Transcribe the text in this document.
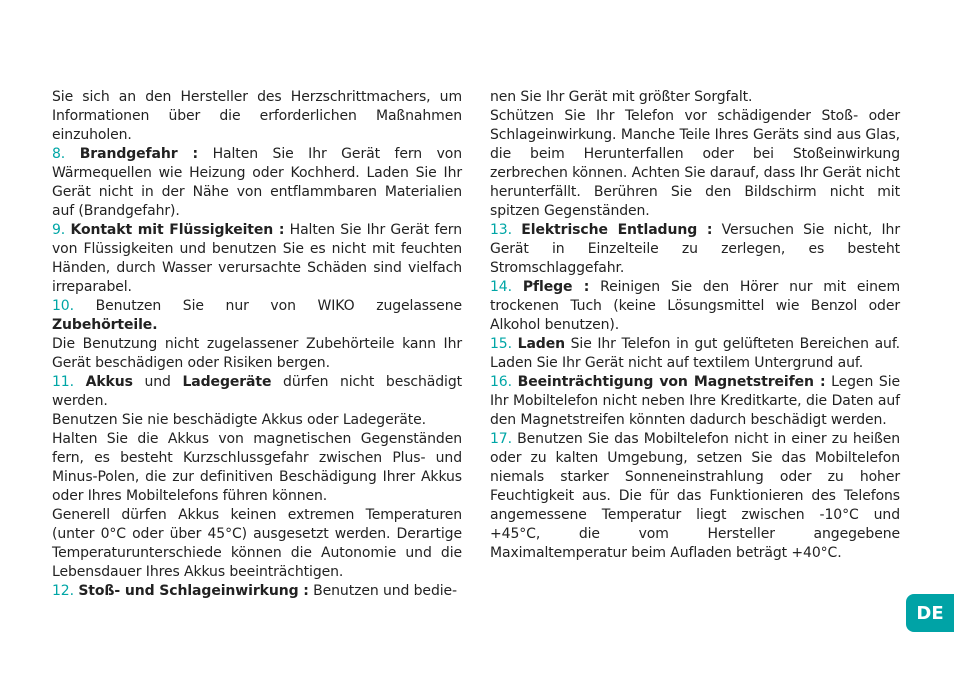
Sie sich an den Hersteller des Herzschrittmachers, um Informationen über die erforderlichen Maßnahmen einzuholen.

8. Brandgefahr : Halten Sie Ihr Gerät fern von Wärmequellen wie Heizung oder Kochherd. Laden Sie Ihr Gerät nicht in der Nähe von entflammbaren Materialien auf (Brandgefahr).

9. Kontakt mit Flüssigkeiten : Halten Sie Ihr Gerät fern von Flüssigkeiten und benutzen Sie es nicht mit feuchten Händen, durch Wasser verursachte Schäden sind vielfach irreparabel.

10. Benutzen Sie nur von WIKO zugelassene Zubehörteile.

Die Benutzung nicht zugelassener Zubehörteile kann Ihr Gerät beschädigen oder Risiken bergen.

11. Akkus und Ladegeräte dürfen nicht beschädigt werden.

Benutzen Sie nie beschädigte Akkus oder Ladegeräte.

Halten Sie die Akkus von magnetischen Gegenständen fern, es besteht Kurzschlussgefahr zwischen Plus- und Minus-Polen, die zur definitiven Beschädigung Ihrer Akkus oder Ihres Mobiltelefons führen können.

Generell dürfen Akkus keinen extremen Temperaturen (unter 0°C oder über 45°C) ausgesetzt werden. Derartige Temperaturunterschiede können die Autonomie und die Lebensdauer Ihres Akkus beeinträchtigen.

12. Stoß- und Schlageinwirkung : Benutzen und bedie-

nen Sie Ihr Gerät mit größter Sorgfalt.

Schützen Sie Ihr Telefon vor schädigender Stoß- oder Schlageinwirkung. Manche Teile Ihres Geräts sind aus Glas, die beim Herunterfallen oder bei Stoßeinwirkung zerbrechen können. Achten Sie darauf, dass Ihr Gerät nicht herunterfällt. Berühren Sie den Bildschirm nicht mit spitzen Gegenständen.

13. Elektrische Entladung : Versuchen Sie nicht, Ihr Gerät in Einzelteile zu zerlegen, es besteht Stromschlaggefahr.

14. Pflege : Reinigen Sie den Hörer nur mit einem trockenen Tuch (keine Lösungsmittel wie Benzol oder Alkohol benutzen).

15. Laden Sie Ihr Telefon in gut gelüfteten Bereichen auf. Laden Sie Ihr Gerät nicht auf textilem Untergrund auf.

16. Beeinträchtigung von Magnetstreifen : Legen Sie Ihr Mobiltelefon nicht neben Ihre Kreditkarte, die Daten auf den Magnetstreifen könnten dadurch beschädigt werden.

17. Benutzen Sie das Mobiltelefon nicht in einer zu heißen oder zu kalten Umgebung, setzen Sie das Mobiltelefon niemals starker Sonneneinstrahlung oder zu hoher Feuchtigkeit aus. Die für das Funktionieren des Telefons angemessene Temperatur liegt zwischen -10°C und +45°C, die vom Hersteller angegebene Maximaltemperatur beim Aufladen beträgt +40°C.

DE
